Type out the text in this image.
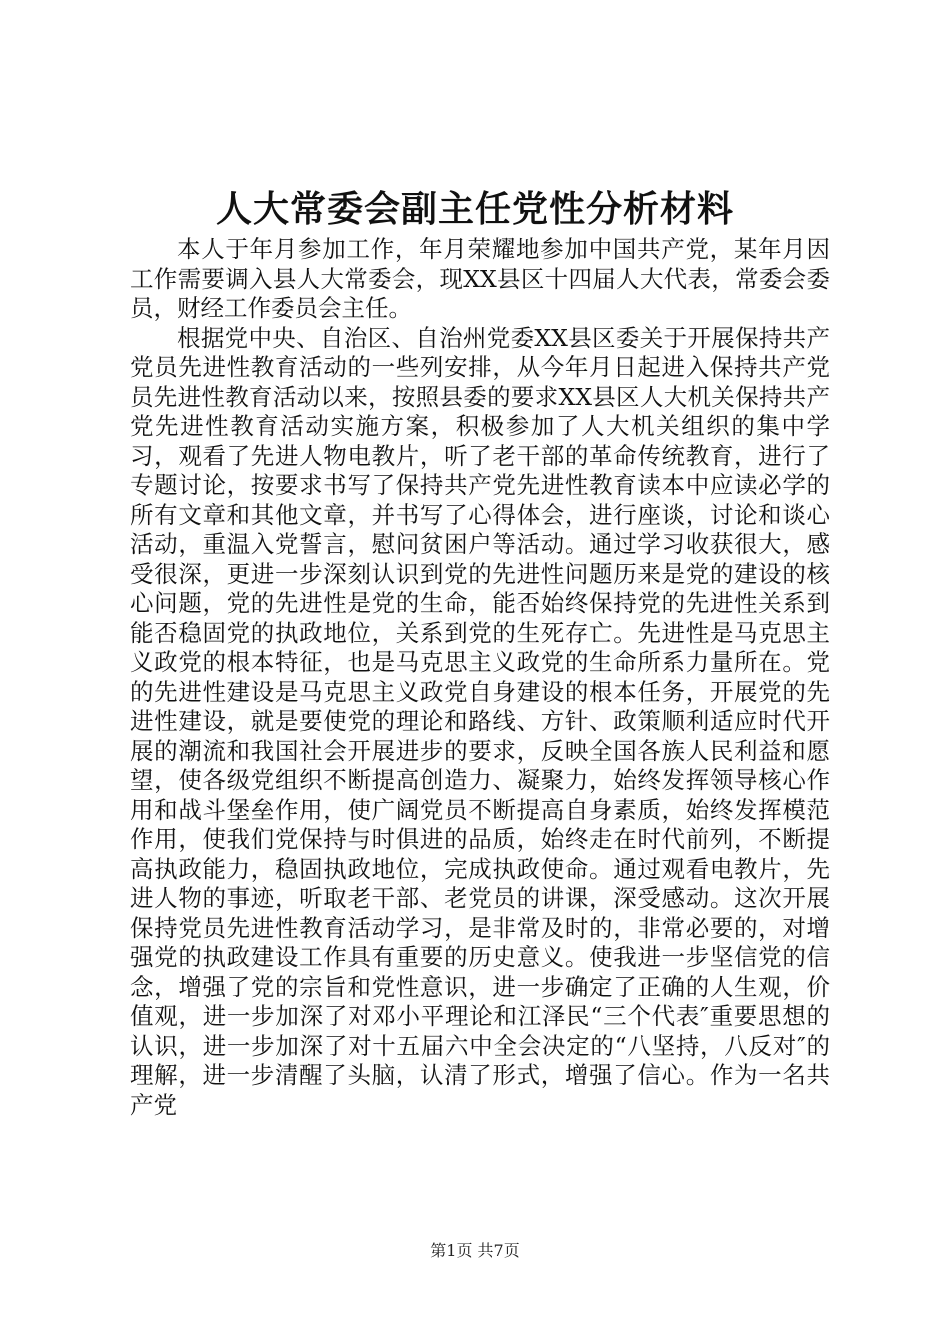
人大常委会副主任党性分析材料

本人于年月参加工作，年月荣耀地参加中国共产党，某年月因工作需要调入县人大常委会，现XX县区十四届人大代表，常委会委员，财经工作委员会主任。

根据党中央、自治区、自治州党委XX县区委关于开展保持共产党员先进性教育活动的一些列安排，从今年月日起进入保持共产党员先进性教育活动以来，按照县委的要求XX县区人大机关保持共产党先进性教育活动实施方案，积极参加了人大机关组织的集中学习，观看了先进人物电教片，听了老干部的革命传统教育，进行了专题讨论，按要求书写了保持共产党先进性教育读本中应读必学的所有文章和其他文章，并书写了心得体会，进行座谈，讨论和谈心活动，重温入党誓言，慰问贫困户等活动。通过学习收获很大，感受很深，更进一步深刻认识到党的先进性问题历来是党的建设的核心问题，党的先进性是党的生命，能否始终保持党的先进性关系到能否稳固党的执政地位，关系到党的生死存亡。先进性是马克思主义政党的根本特征，也是马克思主义政党的生命所系力量所在。党的先进性建设是马克思主义政党自身建设的根本任务，开展党的先进性建设，就是要使党的理论和路线、方针、政策顺利适应时代开展的潮流和我国社会开展进步的要求，反映全国各族人民利益和愿望，使各级党组织不断提高创造力、凝聚力，始终发挥领导核心作用和战斗堡垒作用，使广阔党员不断提高自身素质，始终发挥模范作用，使我们党保持与时俱进的品质，始终走在时代前列，不断提高执政能力，稳固执政地位，完成执政使命。通过观看电教片，先进人物的事迹，听取老干部、老党员的讲课，深受感动。这次开展保持党员先进性教育活动学习，是非常及时的，非常必要的，对增强党的执政建设工作具有重要的历史意义。使我进一步坚信党的信念，增强了党的宗旨和党性意识，进一步确定了正确的人生观，价值观，进一步加深了对邓小平理论和江泽民“三个代表″重要思想的认识，进一步加深了对十五届六中全会决定的“八坚持，八反对″的理解，进一步清醒了头脑，认清了形式，增强了信心。作为一名共产党

第1页 共7页
